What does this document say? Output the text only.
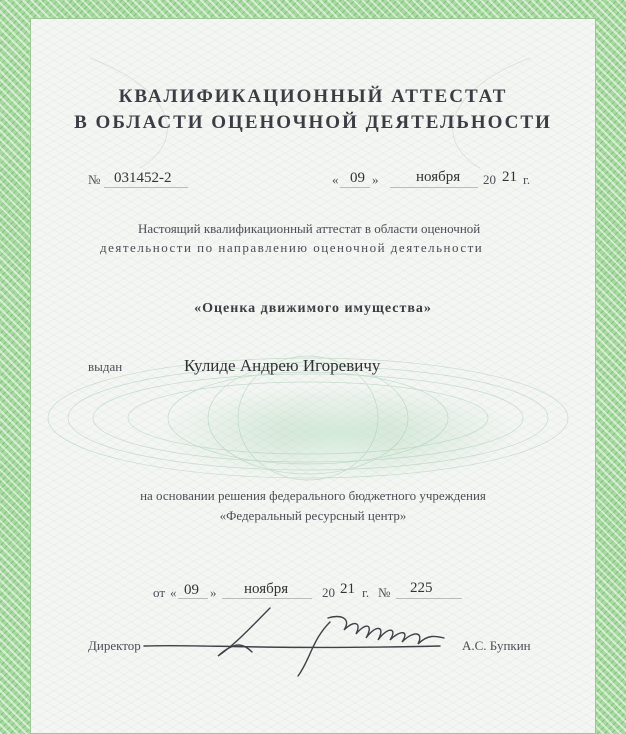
КВАЛИФИКАЦИОННЫЙ АТТЕСТАТ
В ОБЛАСТИ ОЦЕНОЧНОЙ ДЕЯТЕЛЬНОСТИ
№ 031452-2	« 09 »	ноября 20 21 г.
Настоящий квалификационный аттестат в области оценочной
деятельности по направлению оценочной деятельности
«Оценка движимого имущества»
выдан	Кулиде Андрею Игоревичу
на основании решения федерального бюджетного учреждения
«Федеральный ресурсный центр»
от « 09 » ноября	20 21 г. № 225
Директор	А.С. Бупкин
